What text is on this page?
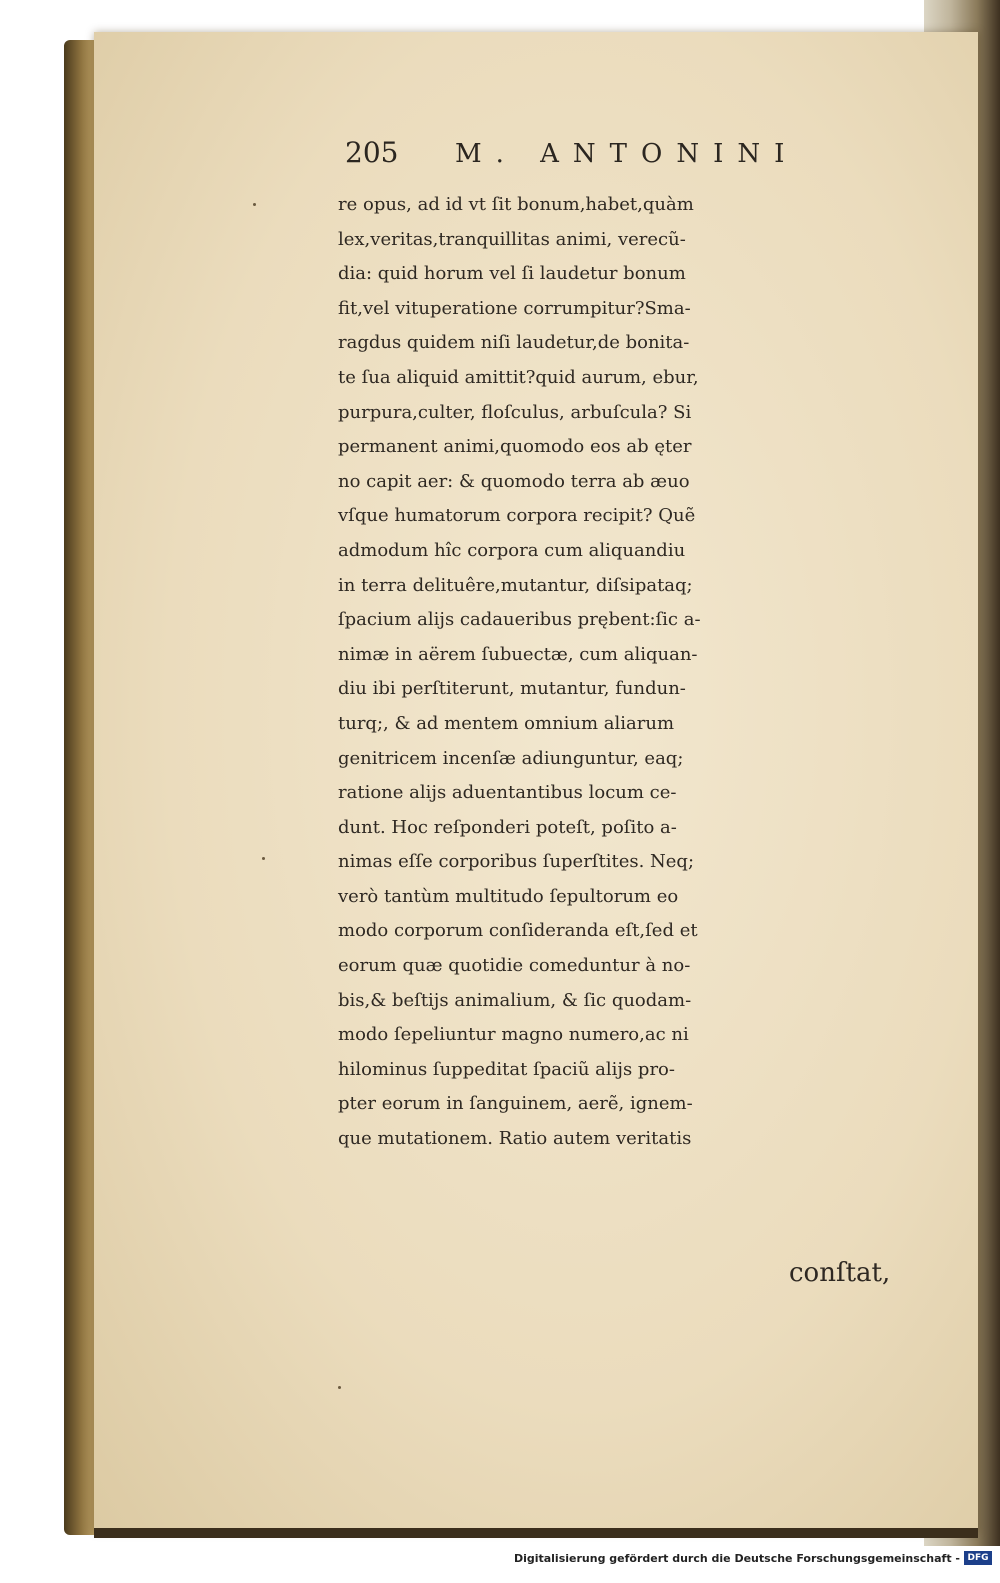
205	M. ANTONINI
re opus, ad id vt ſit bonum,habet,quàm
lex,veritas,tranquillitas animi, verecũ-
dia: quid horum vel ſi laudetur bonum
fit,vel vituperatione corrumpitur?Sma-
ragdus quidem niſi laudetur,de bonita-
te ſua aliquid amittit?quid aurum, ebur,
purpura,culter, floſculus, arbuſcula? Si
permanent animi,quomodo eos ab ęter
no capit aer: & quomodo terra ab æuo
vſque humatorum corpora recipit? Quẽ
admodum hîc corpora cum aliquandiu
in terra delituêre,mutantur, diſsipataq;
ſpacium alijs cadaueribus prębent:ſic a-
nimæ in aërem ſubuectæ, cum aliquan-
diu ibi perſtiterunt, mutantur, fundun-
turq;, & ad mentem omnium aliarum
genitricem incenſæ adiunguntur, eaq;
ratione alijs aduentantibus locum ce-
dunt. Hoc reſponderi poteſt, poſito a-
nimas eſſe corporibus ſuperſtites. Neq;
verò tantùm multitudo ſepultorum eo
modo corporum conſideranda eſt,ſed et
eorum quæ quotidie comeduntur à no-
bis,& beſtijs animalium, & ſic quodam-
modo ſepeliuntur magno numero,ac ni
hilominus ſuppeditat ſpaciũ alijs pro-
pter eorum in ſanguinem, aerẽ, ignem-
que mutationem. Ratio autem veritatis
conſtat,
Digitalisierung gefördert durch die Deutsche Forschungsgemeinschaft - DFG
